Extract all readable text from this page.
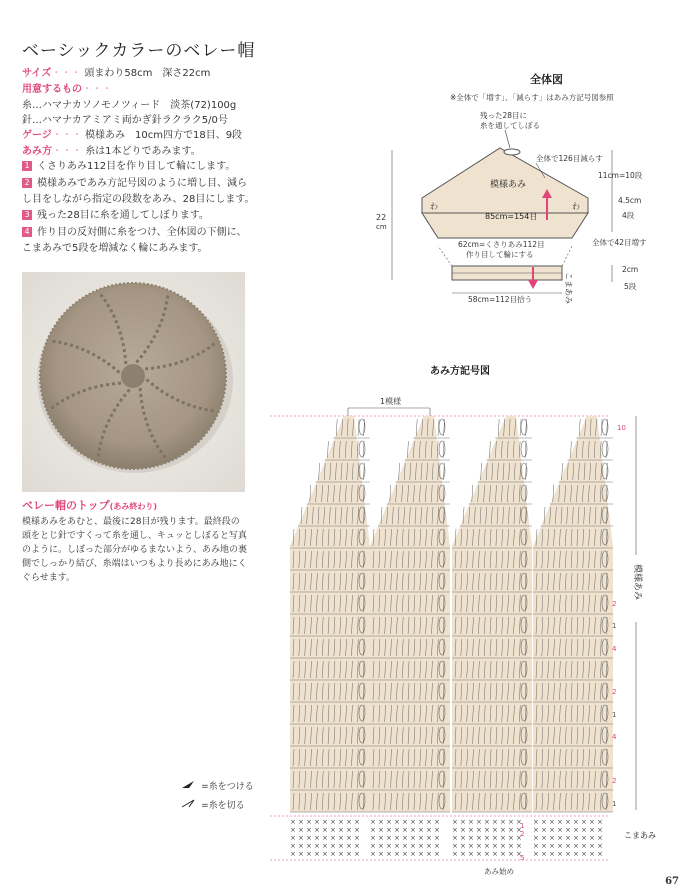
ベーシックカラーのベレー帽
サイズ・・・ 頭まわり58cm　深さ22cm
用意するもの・・・
糸…ハマナカソノモノツィード　淡茶(72)100g
針…ハマナカアミアミ両かぎ針ラクラク5/0号
ゲージ・・・ 模様あみ　10cm四方で18目、9段
あみ方・・・ 糸は1本どりであみます。
1 くさりあみ112目を作り目して輪にします。
2 模様あみであみ方記号図のように増し目、減ら
し目をしながら指定の段数をあみ、28目にします。
3 残った28目に糸を通してしぼります。
4 作り目の反対側に糸をつけ、全体図の下側に、
こまあみで5段を増減なく輪にあみます。
ベレー帽のトップ(あみ終わり)
模様あみをあむと、最後に28目が残ります。最終段の頭をとじ針ですくって糸を通し、キュッとしぼると写真のように。しぼった部分がゆるまないよう、あみ地の裏側でしっかり結び、糸端はいつもより長めにあみ地にくぐらせます。
全体図
※全体で「増す」、「減らす」はあみ方記号図参照
残った28目に
糸を通してしぼる
模様あみ
全体で126目減らす
わ	わ
85cm=154目
62cm=くさりあみ112目
作り目して輪にする
全体で42目増す
58cm=112目拾う	こまあみ
22
cm
11cm=10段
4.5cm
4段
2cm
5段
あみ方記号図
1模様
× × × × × × × × ×
× × × × × × × × ×
× × × × × × × × ×
× × × × × × × × ×
× × × × × × × × ×
× × × × × × × × ×
× × × × × × × × ×
× × × × × × × × ×
× × × × × × × × ×
× × × × × × × × ×
× × × × × × × × ×
× × × × × × × × ×
× × × × × × × × ×
× × × × × × × × ×
× × × × × × × × ×
× × × × × × × × ×
× × × × × × × × ×
× × × × × × × × ×
× × × × × × × × ×
× × × × × × × × ×
10
2
1
4
2
1
4
2
1
1
2
5
模様あみ
こまあみ
あみ始め
=糸をつける
=糸を切る
67
